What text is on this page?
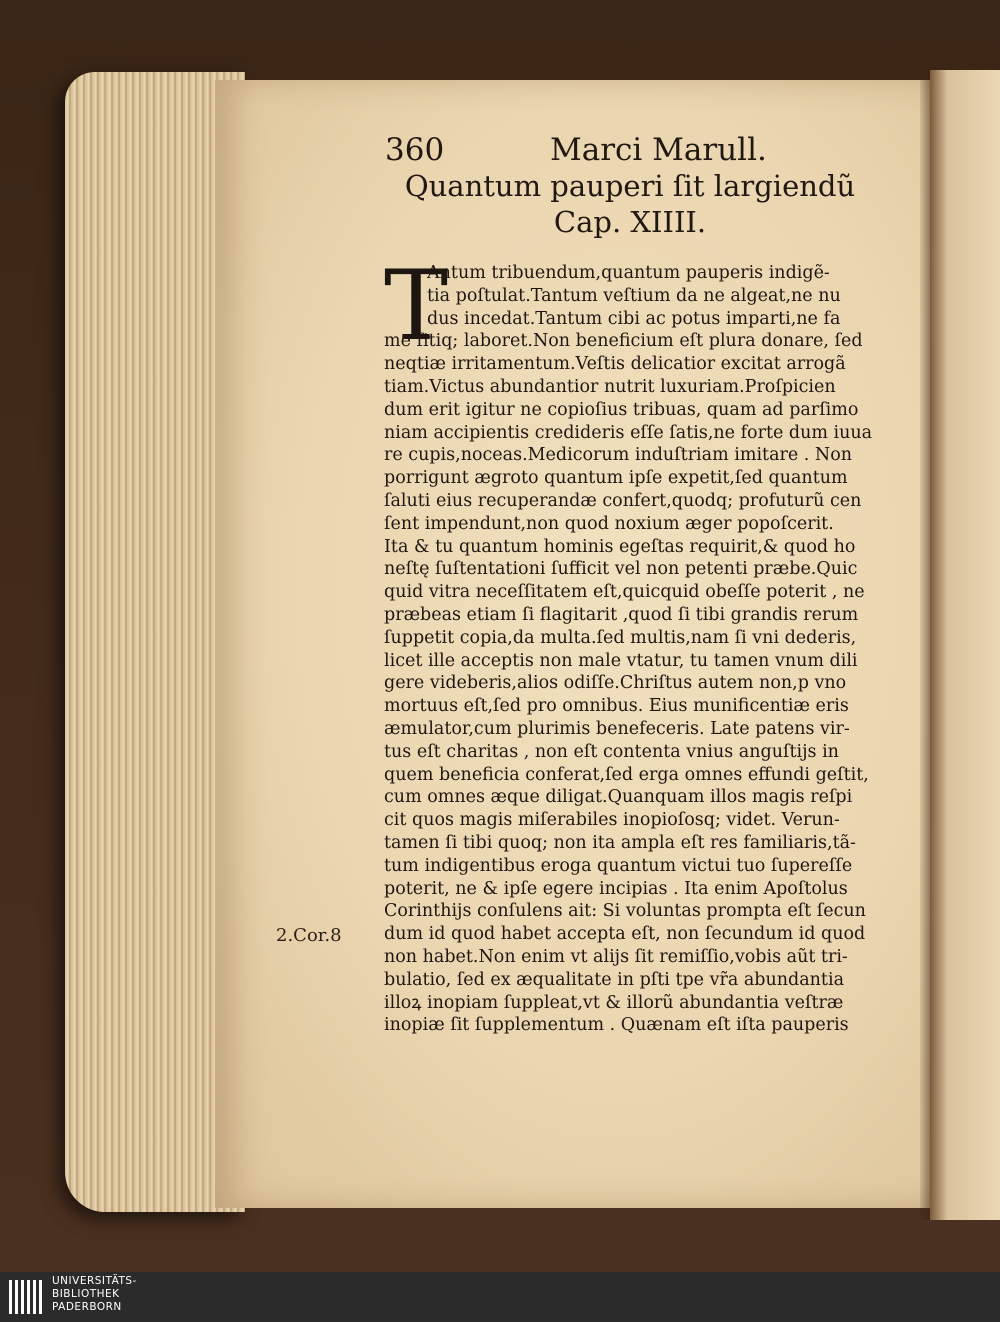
360	Marci Marull.
Quantum pauperi ſit largiendũ
Cap. XIIII.
T
Antum tribuendum,quantum pauperis indigẽ-
tia poſtulat.Tantum veſtium da ne algeat,ne nu
dus incedat.Tantum cibi ac potus imparti,ne fa
me ſitiq; laboret.Non beneficium eſt plura donare, ſed
neqtiæ irritamentum.Veſtis delicatior excitat arrogã
tiam.Victus abundantior nutrit luxuriam.Proſpicien
dum erit igitur ne copioſius tribuas, quam ad parſimo
niam accipientis credideris eſſe ſatis,ne forte dum iuua
re cupis,noceas.Medicorum induſtriam imitare . Non
porrigunt ægroto quantum ipſe expetit,ſed quantum
ſaluti eius recuperandæ confert,quodq; profuturũ cen
ſent impendunt,non quod noxium æger popoſcerit.
Ita & tu quantum hominis egeſtas requirit,& quod ho
neſtę ſuſtentationi ſufficit vel non petenti præbe.Quic
quid vitra neceſſitatem eſt,quicquid obeſſe poterit , ne
præbeas etiam ſi flagitarit ,quod ſi tibi grandis rerum
ſuppetit copia,da multa.ſed multis,nam ſi vni dederis,
licet ille acceptis non male vtatur, tu tamen vnum dili
gere videberis,alios odiſſe.Chriſtus autem non,p vno
mortuus eſt,ſed pro omnibus. Eius munificentiæ eris
æmulator,cum plurimis benefeceris. Late patens vir-
tus eſt charitas , non eſt contenta vnius anguſtijs in
quem beneficia conferat,ſed erga omnes effundi geſtit,
cum omnes æque diligat.Quanquam illos magis reſpi
cit quos magis miſerabiles inopioſosq; videt. Verun-
tamen ſi tibi quoq; non ita ampla eſt res familiaris,tã-
tum indigentibus eroga quantum victui tuo ſupereſſe
poterit, ne & ipſe egere incipias . Ita enim Apoſtolus
Corinthijs conſulens ait: Si voluntas prompta eſt ſecun
dum id quod habet accepta eſt, non ſecundum id quod
non habet.Non enim vt alijs ſit remiſſio,vobis aũt tri-
bulatio, ſed ex æqualitate in pſti tpe vr̃a abundantia
illoꝝ inopiam ſuppleat,vt & illorũ abundantia veſtræ
inopiæ ſit ſupplementum . Quænam eſt iſta pauperis
2.Cor.8
UNIVERSITÄTS-
BIBLIOTHEK
PADERBORN
